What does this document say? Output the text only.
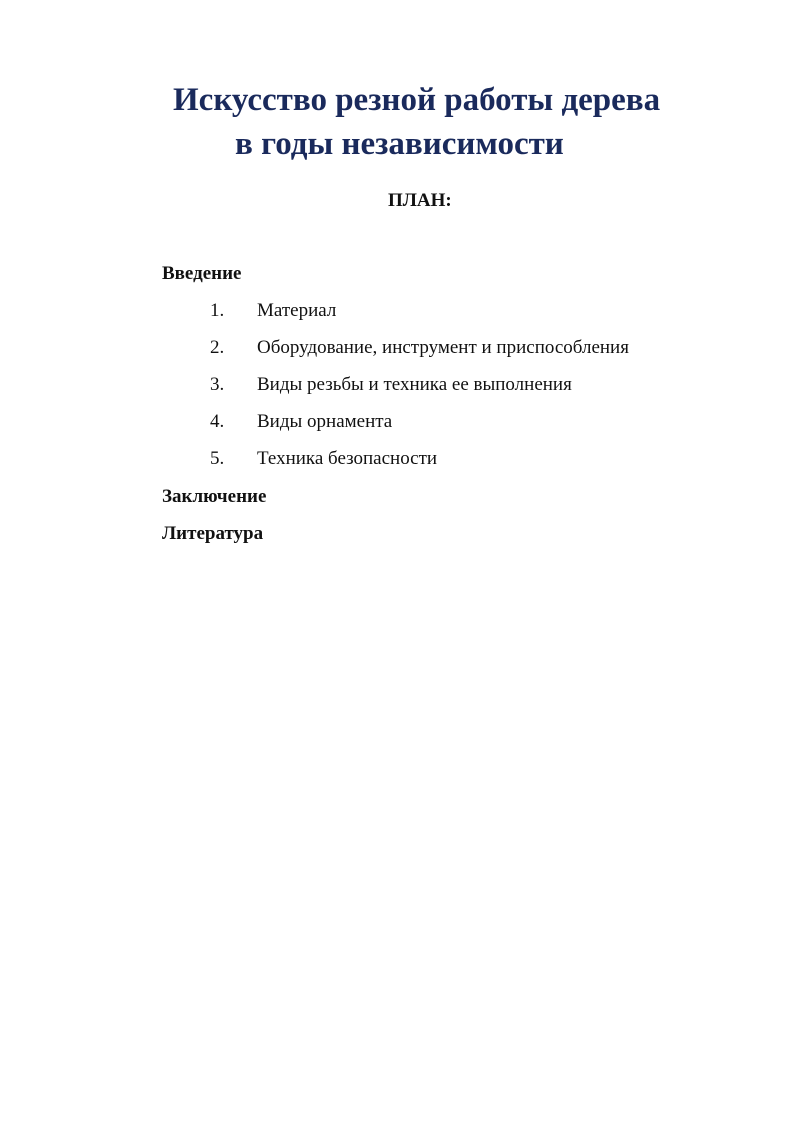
Искусство резной работы дерева
в годы независимости
ПЛАН:
Введение
1. Материал
2. Оборудование, инструмент и приспособления
3. Виды резьбы и техника ее выполнения
4. Виды орнамента
5. Техника безопасности
Заключение
Литература
